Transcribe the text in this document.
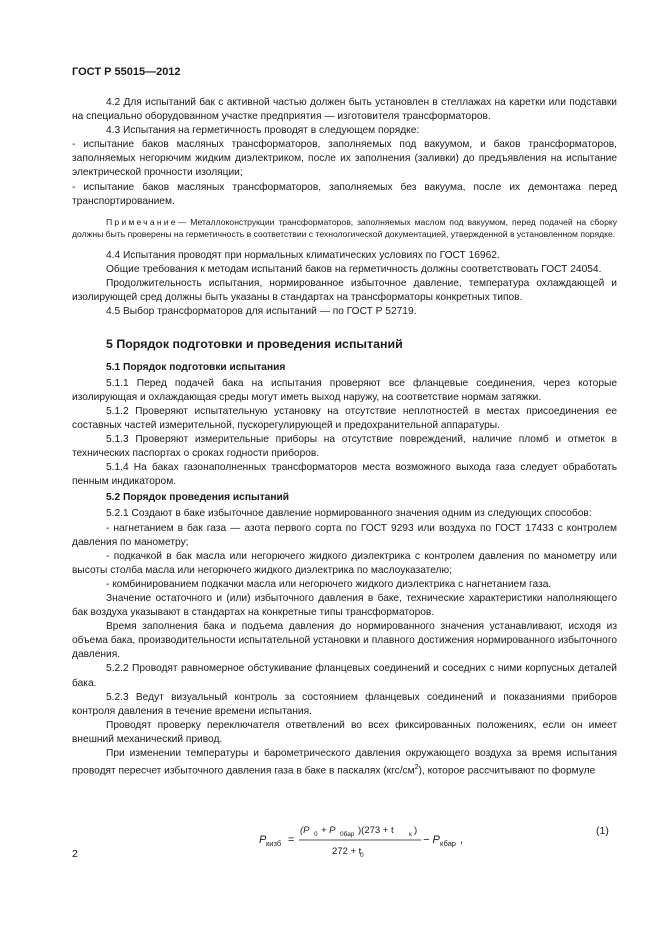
ГОСТ Р 55015—2012

4.2 Для испытаний бак с активной частью должен быть установлен в стеллажах на каретки или подставки на специально оборудованном участке предприятия — изготовителя трансформаторов.

4.3 Испытания на герметичность проводят в следующем порядке:

- испытание баков масляных трансформаторов, заполняемых под вакуумом, и баков трансформаторов, заполняемых негорючим жидким диэлектриком, после их заполнения (заливки) до предъявления на испытание электрической прочности изоляции;

- испытание баков масляных трансформаторов, заполняемых без вакуума, после их демонтажа перед транспортированием.

Примечание— Металлоконструкции трансформаторов, заполняемых маслом под вакуумом, перед подачей на сборку должны быть проверены на герметичность в соответствии с технологической документацией, утвержденной в установленном порядке.

4.4 Испытания проводят при нормальных климатических условиях по ГОСТ 16962.

Общие требования к методам испытаний баков на герметичность должны соответствовать ГОСТ 24054.

Продолжительность испытания, нормированное избыточное давление, температура охлаждающей и изолирующей сред должны быть указаны в стандартах на трансформаторы конкретных типов.

4.5 Выбор трансформаторов для испытаний — по ГОСТ Р 52719.

5 Порядок подготовки и проведения испытаний

5.1 Порядок подготовки испытания

5.1.1 Перед подачей бака на испытания проверяют все фланцевые соединения, через которые изолирующая и охлаждающая среды могут иметь выход наружу, на соответствие нормам затяжки.

5.1.2 Проверяют испытательную установку на отсутствие неплотностей в местах присоединения ее составных частей измерительной, пускорегулирующей и предохранительной аппаратуры.

5.1.3 Проверяют измерительные приборы на отсутствие повреждений, наличие пломб и отметок в технических паспортах о сроках годности приборов.

5.1.4 На баках газонаполненных трансформаторов места возможного выхода газа следует обработать пенным индикатором.

5.2 Порядок проведения испытаний

5.2.1 Создают в баке избыточное давление нормированного значения одним из следующих способов:

- нагнетанием в бак газа — азота первого сорта по ГОСТ 9293 или воздуха по ГОСТ 17433 с контролем давления по манометру;

- подкачкой в бак масла или негорючего жидкого диэлектрика с контролем давления по манометру или высоты столба масла или негорючего жидкого диэлектрика по маслоуказателю;

- комбинированием подкачки масла или негорючего жидкого диэлектрика с нагнетанием газа.

Значение остаточного и (или) избыточного давления в баке, технические характеристики наполняющего бак воздуха указывают в стандартах на конкретные типы трансформаторов.

Время заполнения бака и подъема давления до нормированного значения устанавливают, исходя из объема бака, производительности испытательной установки и плавного достижения нормированного избыточного давления.

5.2.2 Проводят равномерное обстукивание фланцевых соединений и соседних с ними корпусных деталей бака.

5.2.3 Ведут визуальный контроль за состоянием фланцевых соединений и показаниями приборов контроля давления в течение времени испытания.

Проводят проверку переключателя ответвлений во всех фиксированных положениях, если он имеет внешний механический привод.

При изменении температуры и барометрического давления окружающего воздуха за время испытания проводят пересчет избыточного давления газа в баке в паскалях $(кгс/см^2)$, которое рассчитывают по формуле

P кизб =
(P 0 + P 0бар )(273 + t к )
272 + t
0
− P кбар ,
(1)
2
